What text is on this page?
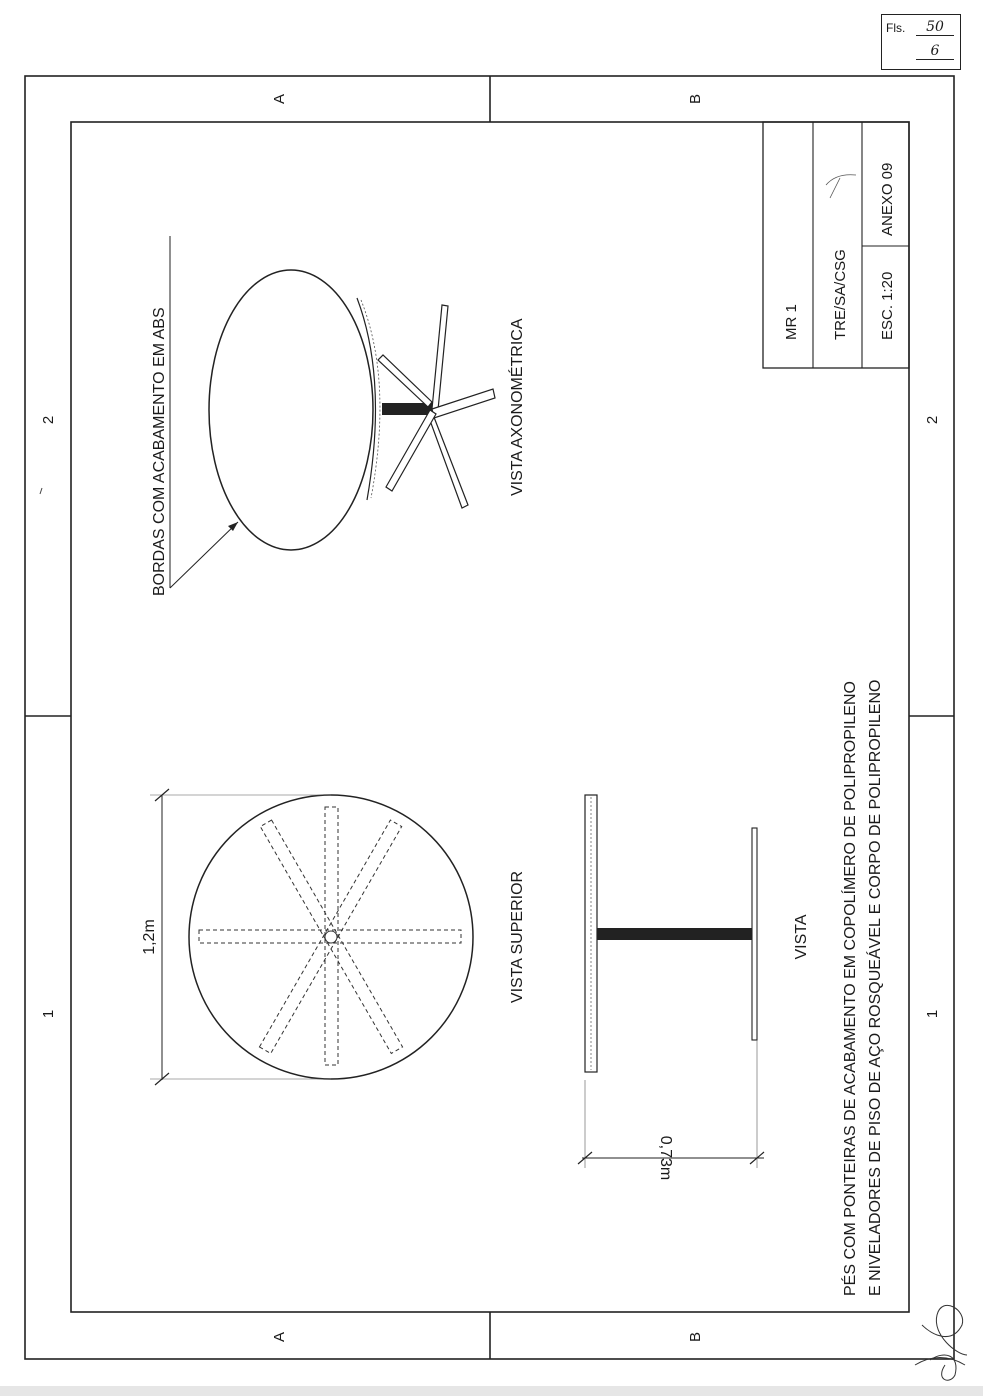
A	B
A	B
2
1
2
1
MR 1 TRE/SA/CSG ESC. 1:20
ANEXO 09
BORDAS COM ACABAMENTO EM ABS	VISTA AXONOMÉTRICA
1,2m	VISTA SUPERIOR
0,73m
VISTA PÉS COM PONTEIRAS DE ACABAMENTO EM COPOLÍMERO DE POLIPROPILENO E NIVELADORES DE PISO DE AÇO ROSQUEÁVEL E CORPO DE POLIPROPILENO
Fls.	50
6
